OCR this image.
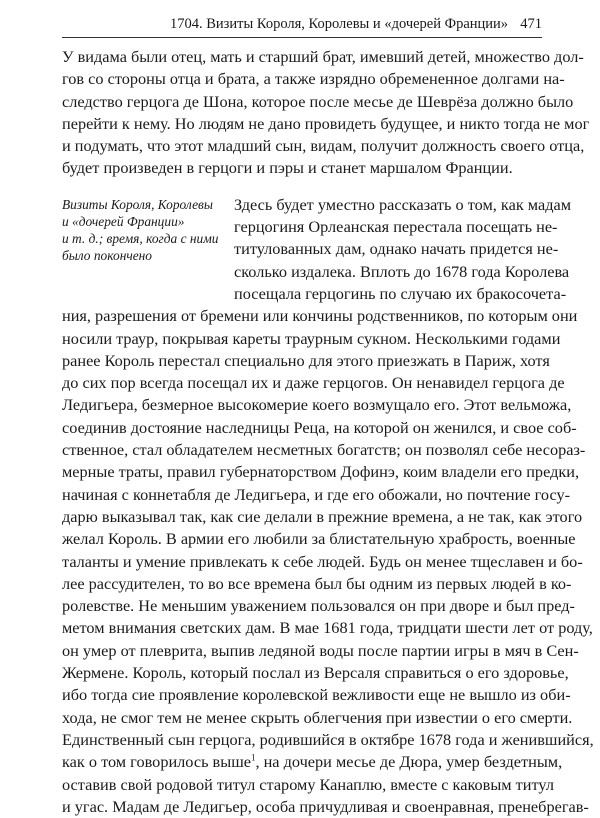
1704. Визиты Короля, Королевы и «дочерей Франции» 471
У видама были отец, мать и старший брат, имевший детей, множество дол-
гов со стороны отца и брата, а также изрядно обремененное долгами на-
следство герцога де Шона, которое после месье де Шеврёза должно было
перейти к нему. Но людям не дано провидеть будущее, и никто тогда не мог
и подумать, что этот младший сын, видам, получит должность своего отца,
будет произведен в герцоги и пэры и станет маршалом Франции.
Визиты Короля, Королевы
и «дочерей Франции»
и т. д.; время, когда с ними
было покончено
Здесь будет уместно рассказать о том, как мадам
герцогиня Орлеанская перестала посещать не-
титулованных дам, однако начать придется не-
сколько издалека. Вплоть до 1678 года Королева
посещала герцогинь по случаю их бракосочета-
ния, разрешения от бремени или кончины родственников, по которым они
носили траур, покрывая кареты траурным сукном. Несколькими годами
ранее Король перестал специально для этого приезжать в Париж, хотя
до сих пор всегда посещал их и даже герцогов. Он ненавидел герцога де
Ледигьера, безмерное высокомерие коего возмущало его. Этот вельможа,
соединив достояние наследницы Реца, на которой он женился, и свое соб-
ственное, стал обладателем несметных богатств; он позволял себе несораз-
мерные траты, правил губернаторством Дофинэ, коим владели его предки,
начиная с коннетабля де Ледигьера, и где его обожали, но почтение госу-
дарю выказывал так, как сие делали в прежние времена, а не так, как этого
желал Король. В армии его любили за блистательную храбрость, военные
таланты и умение привлекать к себе людей. Будь он менее тщеславен и бо-
лее рассудителен, то во все времена был бы одним из первых людей в ко-
ролевстве. Не меньшим уважением пользовался он при дворе и был пред-
метом внимания светских дам. В мае 1681 года, тридцати шести лет от роду,
он умер от плеврита, выпив ледяной воды после партии игры в мяч в Сен-
Жермене. Король, который послал из Версаля справиться о его здоровье,
ибо тогда сие проявление королевской вежливости еще не вышло из оби-
хода, не смог тем не менее скрыть облегчения при известии о его смерти.
Единственный сын герцога, родившийся в октябре 1678 года и женившийся,
как о том говорилось выше$^1$, на дочери месье де Дюра, умер бездетным,
оставив свой родовой титул старому Канаплю, вместе с каковым титул
и угас. Мадам де Ледигьер, особа причудливая и своенравная, пренебрегав-
